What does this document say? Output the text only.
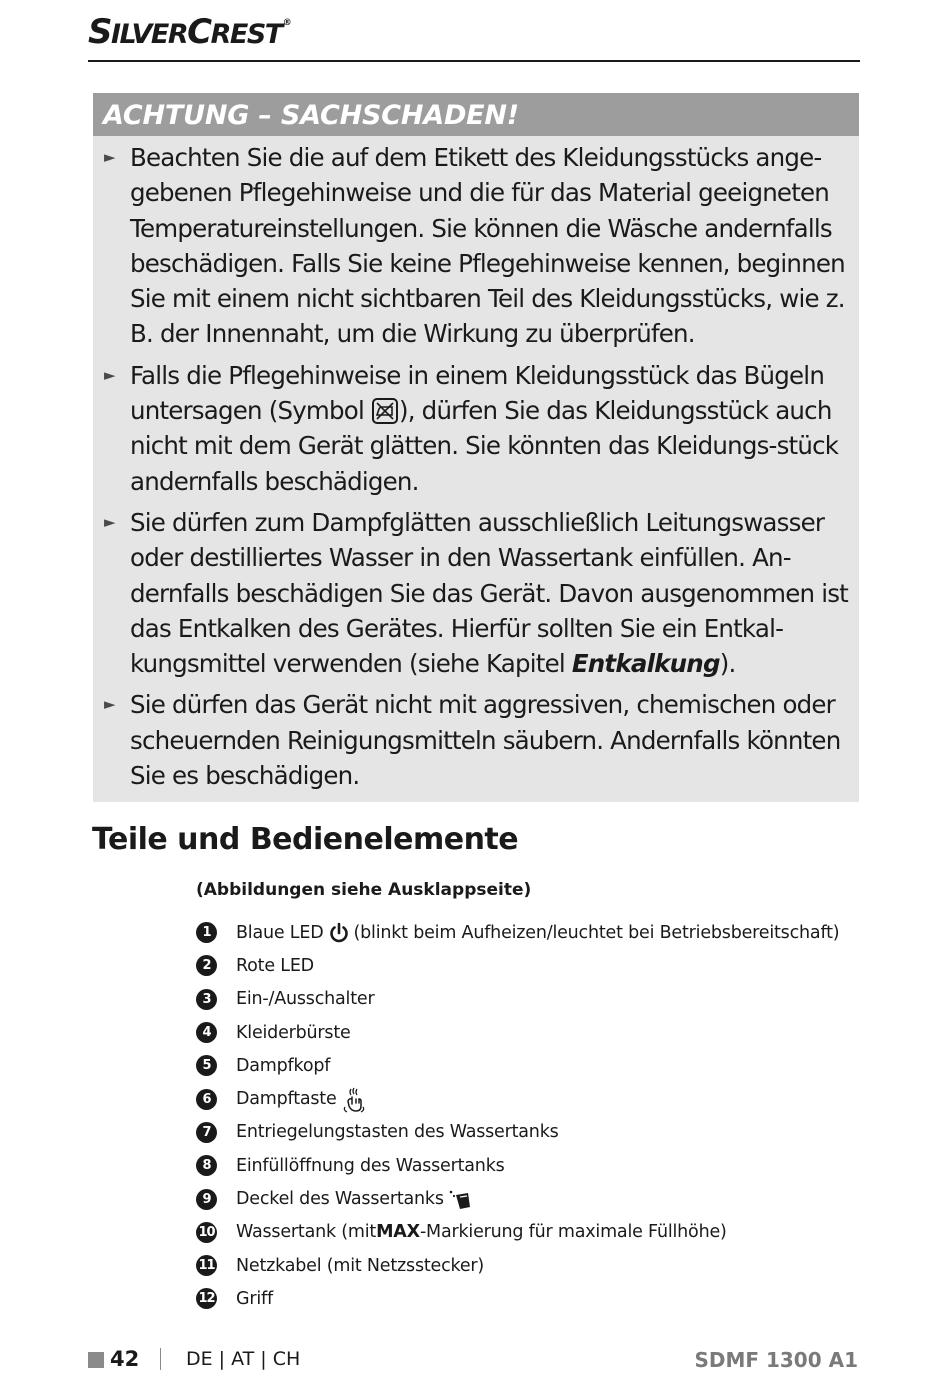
SILVERCREST®
ACHTUNG – SACHSCHADEN!
► Beachten Sie die auf dem Etikett des Kleidungsstücks ange-gebenen Pflegehinweise und die für das Material geeigneten Temperatureinstellungen. Sie können die Wäsche andernfalls beschädigen. Falls Sie keine Pflegehinweise kennen, beginnen Sie mit einem nicht sichtbaren Teil des Kleidungsstücks, wie z. B. der Innennaht, um die Wirkung zu überprüfen.
► Falls die Pflegehinweise in einem Kleidungsstück das Bügeln untersagen (Symbol
), dürfen Sie das Kleidungsstück auch nicht mit dem Gerät glätten. Sie könnten das Kleidungs-stück andernfalls beschädigen.
► Sie dürfen zum Dampfglätten ausschließlich Leitungswasser oder destilliertes Wasser in den Wassertank einfüllen. An-dernfalls beschädigen Sie das Gerät. Davon ausgenommen ist das Entkalken des Gerätes. Hierfür sollten Sie ein Entkal-kungsmittel verwenden (siehe Kapitel Entkalkung).
► Sie dürfen das Gerät nicht mit aggressiven, chemischen oder scheuernden Reinigungsmitteln säubern. Andernfalls könnten Sie es beschädigen.
Teile und Bedienelemente
(Abbildungen siehe Ausklappseite)
1	Blaue LED (blinkt beim Aufheizen/leuchtet bei Betriebsbereitschaft)
2	Rote LED
3	Ein-/Ausschalter
4	Kleiderbürste
5	Dampfkopf
6	Dampftaste
7	Entriegelungstasten des Wassertanks
8	Einfüllöffnung des Wassertanks
9	Deckel des Wassertanks
10 Wassertank (mit MAX -Markierung für maximale Füllhöhe)
11 Netzkabel (mit Netzsstecker)
12 Griff
42 DE | AT | CH	SDMF 1300 A1
